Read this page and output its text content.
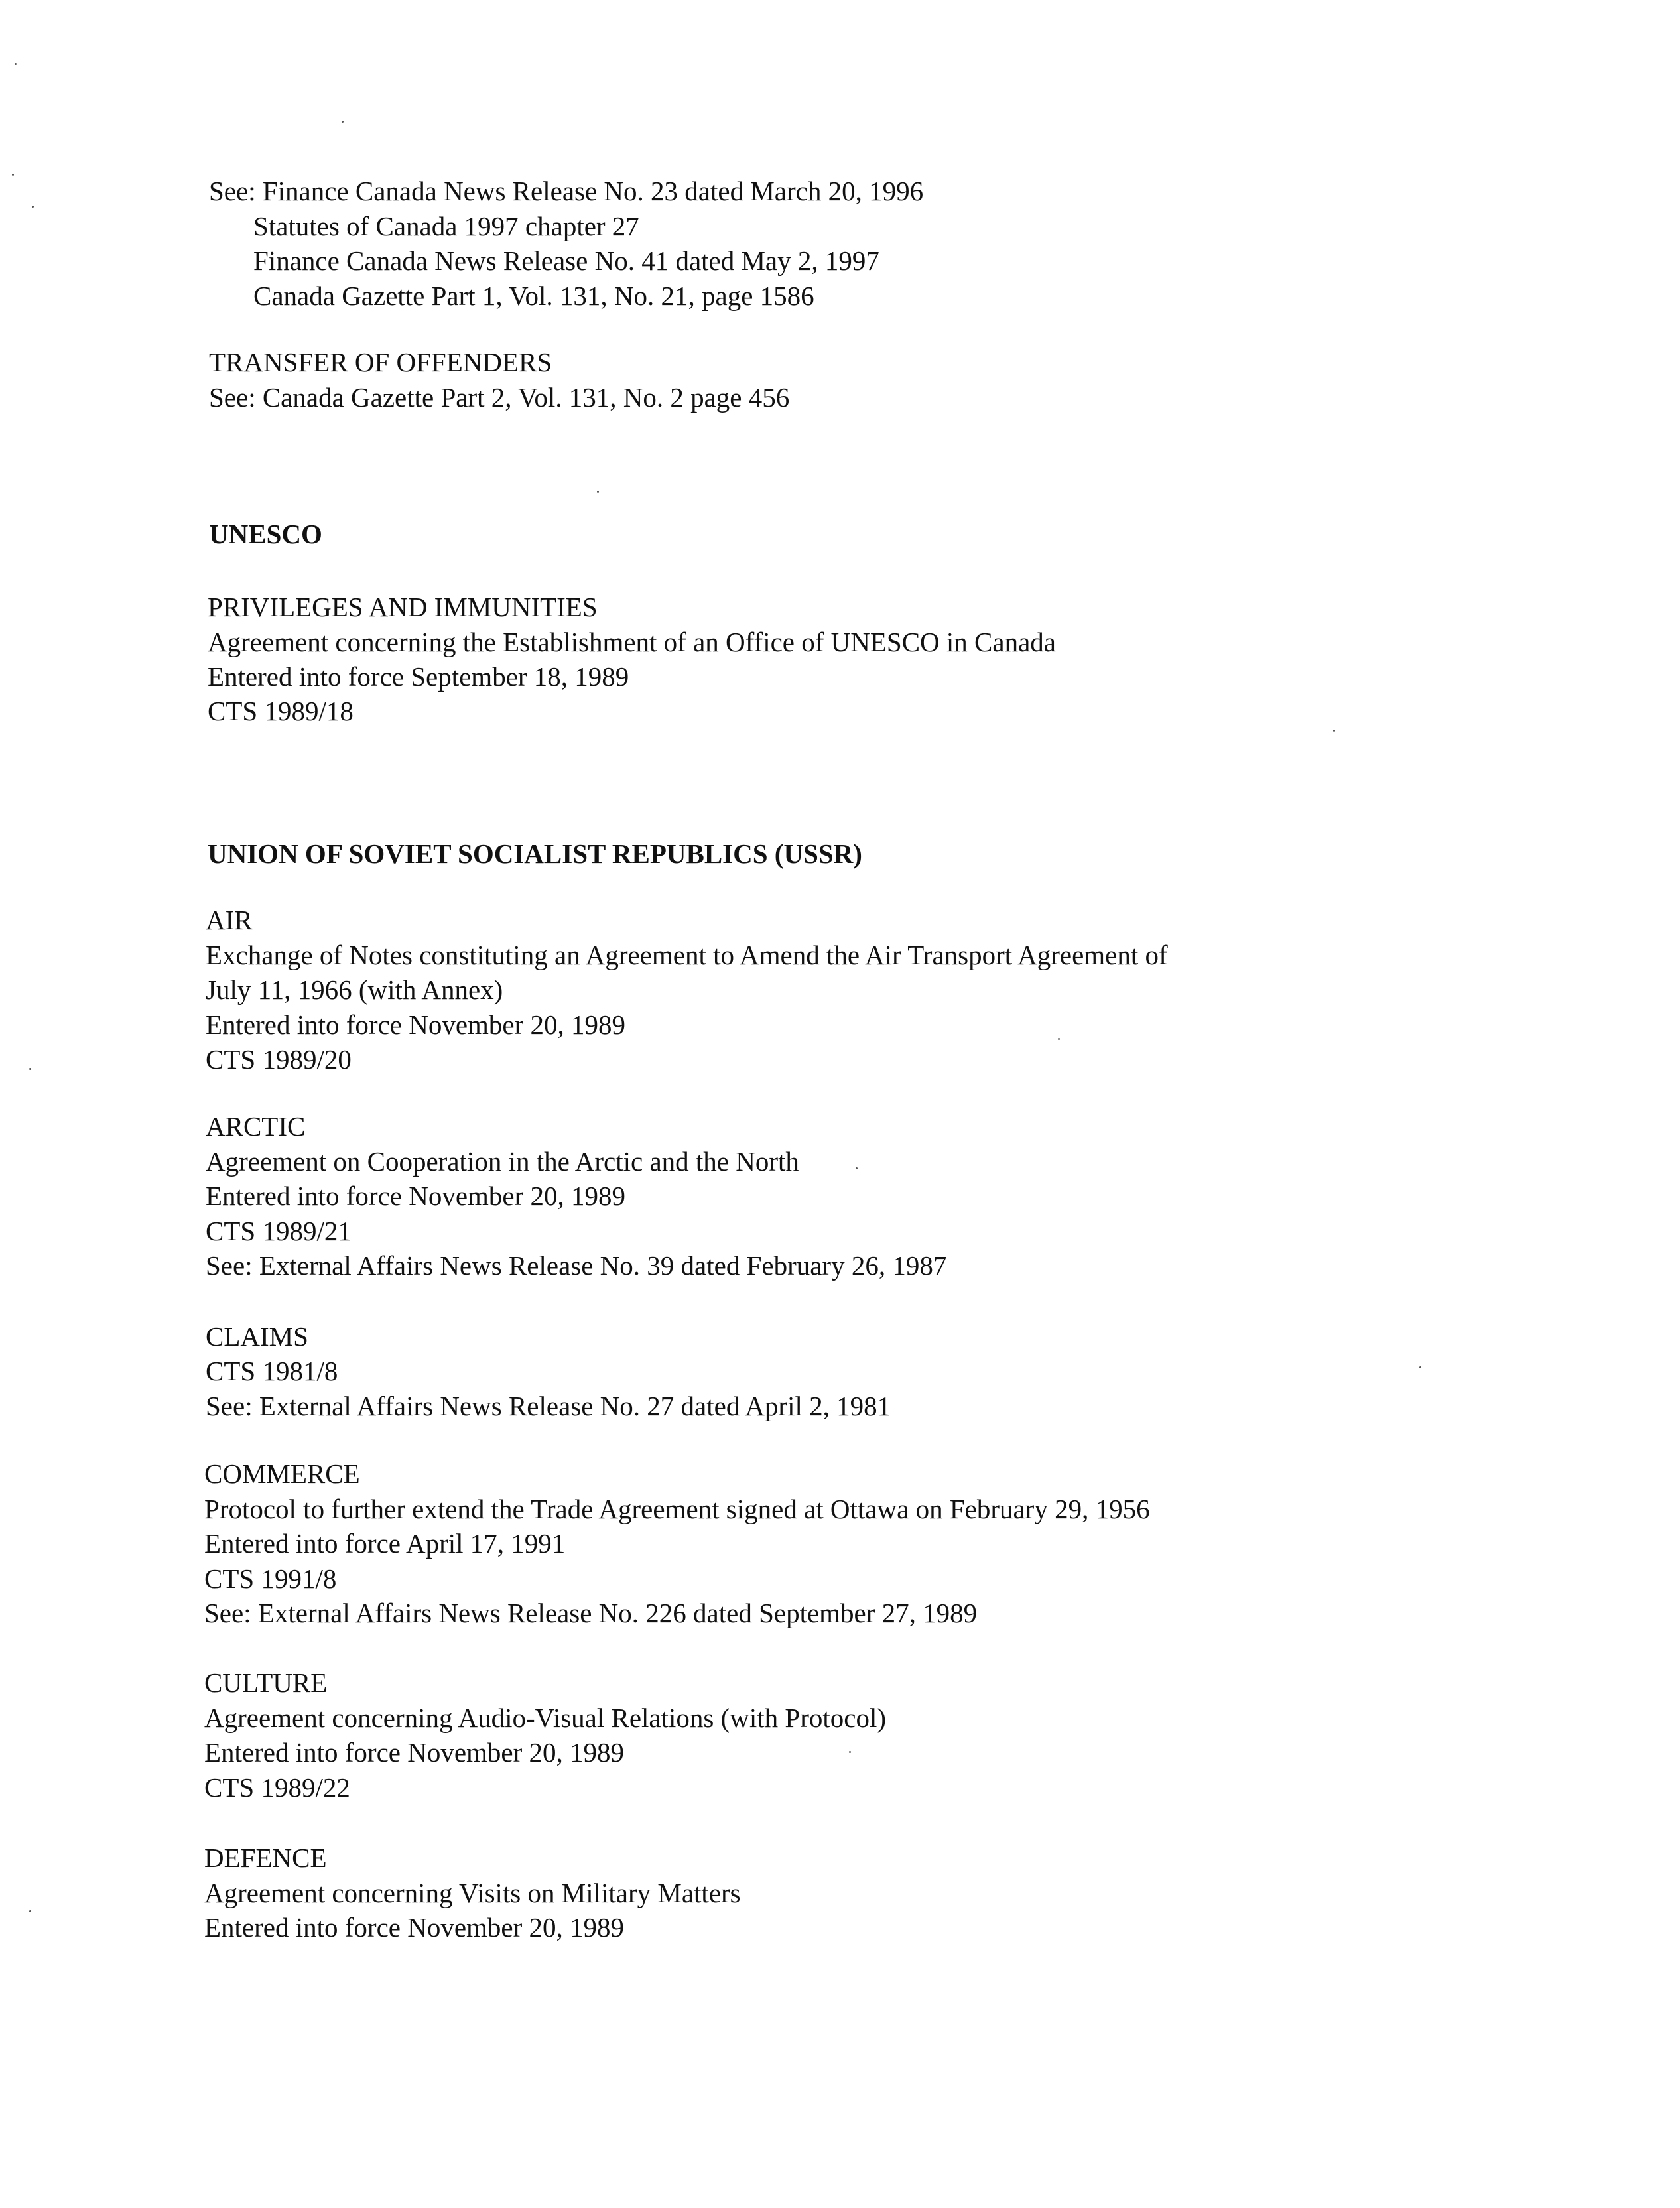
See: Finance Canada News Release No. 23 dated March 20, 1996
Statutes of Canada 1997 chapter 27
Finance Canada News Release No. 41 dated May 2, 1997
Canada Gazette Part 1, Vol. 131, No. 21, page 1586
TRANSFER OF OFFENDERS
See: Canada Gazette Part 2, Vol. 131, No. 2 page 456
UNESCO
PRIVILEGES AND IMMUNITIES
Agreement concerning the Establishment of an Office of UNESCO in Canada
Entered into force September 18, 1989
CTS 1989/18
UNION OF SOVIET SOCIALIST REPUBLICS (USSR)
AIR
Exchange of Notes constituting an Agreement to Amend the Air Transport Agreement of
July 11, 1966 (with Annex)
Entered into force November 20, 1989
CTS 1989/20
ARCTIC
Agreement on Cooperation in the Arctic and the North
Entered into force November 20, 1989
CTS 1989/21
See: External Affairs News Release No. 39 dated February 26, 1987
CLAIMS
CTS 1981/8
See: External Affairs News Release No. 27 dated April 2, 1981
COMMERCE
Protocol to further extend the Trade Agreement signed at Ottawa on February 29, 1956
Entered into force April 17, 1991
CTS 1991/8
See: External Affairs News Release No. 226 dated September 27, 1989
CULTURE
Agreement concerning Audio-Visual Relations (with Protocol)
Entered into force November 20, 1989
CTS 1989/22
DEFENCE
Agreement concerning Visits on Military Matters
Entered into force November 20, 1989
